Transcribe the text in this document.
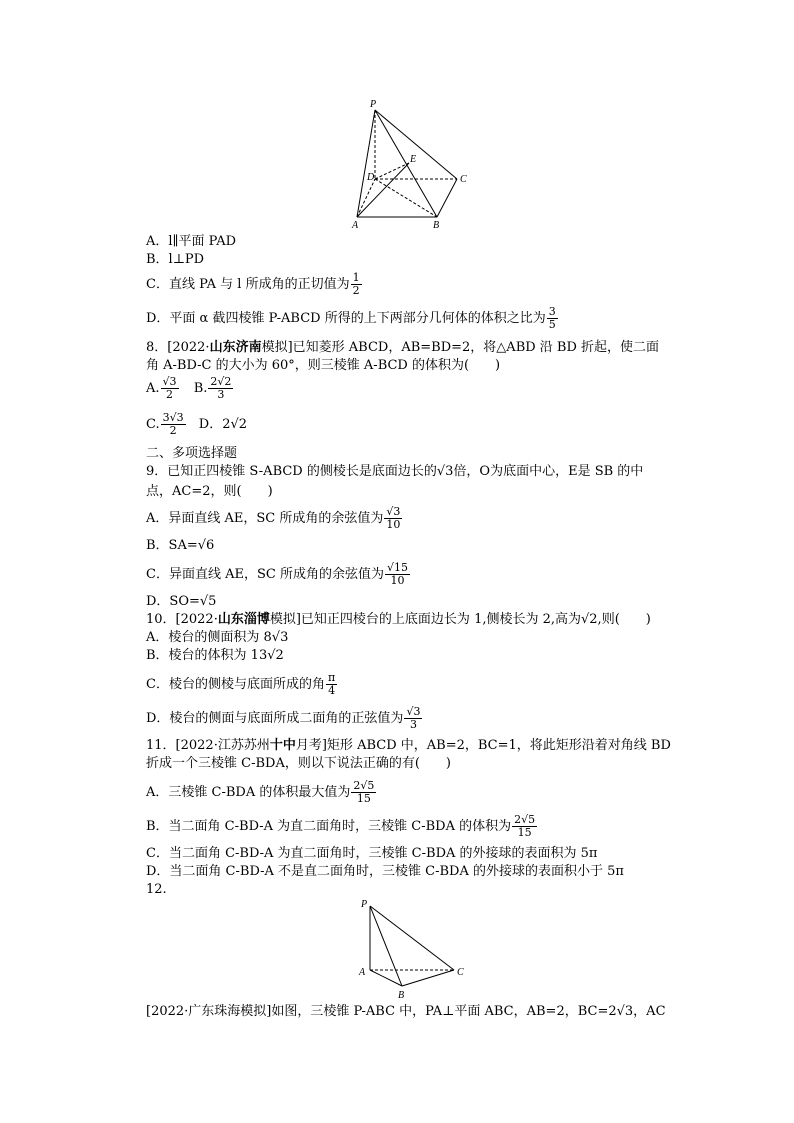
P
E
D	C
A	B
A．l∥平面 PAD
B．l⊥PD
C．直线 PA 与 l 所成角的正切值为 $\frac{1}{2}$
D．平面 α 截四棱锥 P-ABCD 所得的上下两部分几何体的体积之比为 $\frac{3}{5}$
8．[2022·山东济南模拟]已知菱形 ABCD，AB=BD=2，将△ABD 沿 BD 折起，使二面
角 A-BD-C 的大小为 60°，则三棱锥 A-BCD 的体积为(　　)
A. $\frac{√3}{2} B$. $\frac{2√2}{3}$
C. $\frac{3√3}{2}$ D．2√2
二、多项选择题
9．已知正四棱锥 S-ABCD 的侧棱长是底面边长的√3倍，O为底面中心，E是 SB 的中
点，AC=2，则(　　)
A．异面直线 AE，SC 所成角的余弦值为 $\frac{√3}{10}$
B．SA=√6
C．异面直线 AE，SC 所成角的余弦值为 $\frac{√15}{10}$
D．SO=√5
10．[2022·山东淄博模拟]已知正四棱台的上底面边长为 1,侧棱长为 2,高为√2,则(　　)
A．棱台的侧面积为 8√3
B．棱台的体积为 13√2
C．棱台的侧棱与底面所成的角 $\frac{\pi}{4}$
D．棱台的侧面与底面所成二面角的正弦值为 $\frac{√3}{3}$
11．[2022·江苏苏州十中月考]矩形 ABCD 中，AB=2，BC=1，将此矩形沿着对角线 BD
折成一个三棱锥 C-BDA，则以下说法正确的有(　　)
A．三棱锥 C-BDA 的体积最大值为 $\frac{2√5}{15}$
B．当二面角 C-BD-A 为直二面角时，三棱锥 C-BDA 的体积为 $\frac{2√5}{15}$
C．当二面角 C-BD-A 为直二面角时，三棱锥 C-BDA 的外接球的表面积为 5π
D．当二面角 C-BD-A 不是直二面角时，三棱锥 C-BDA 的外接球的表面积小于 5π
12.
P
A
B
C
[2022·广东珠海模拟]如图，三棱锥 P-ABC 中，PA⊥平面 ABC，AB=2，BC=2√3，AC
